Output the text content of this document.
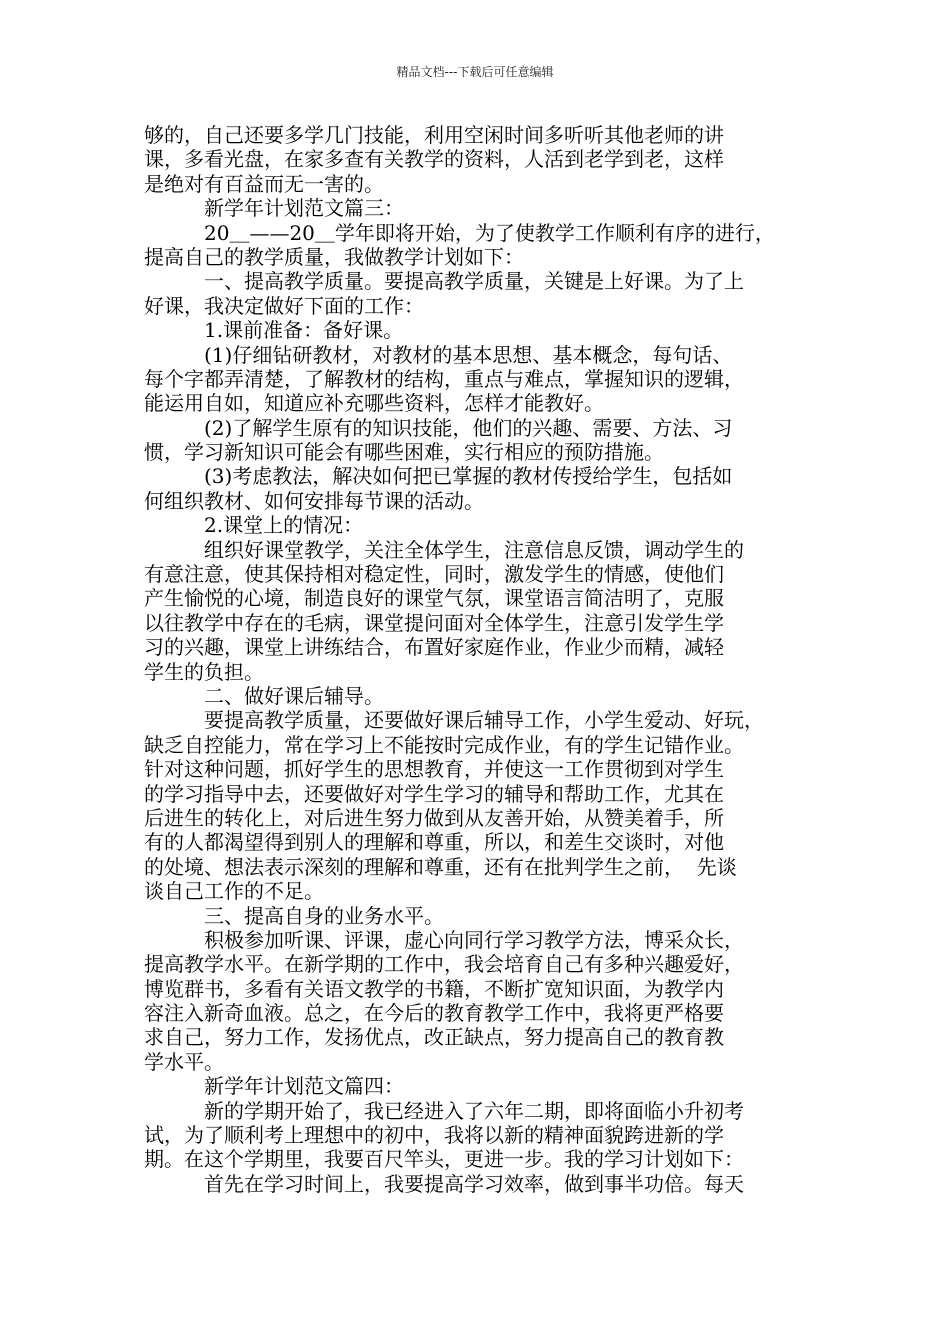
精品文档---下载后可任意编辑
够的，自己还要多学几门技能，利用空闲时间多听听其他老师的讲
课，多看光盘，在家多查有关教学的资料，人活到老学到老，这样
是绝对有百益而无一害的。
新学年计划范文篇三：
20＿——20＿学年即将开始，为了使教学工作顺利有序的进行，
提高自己的教学质量，我做教学计划如下：
一、提高教学质量。要提高教学质量，关键是上好课。为了上
好课，我决定做好下面的工作：
1.课前准备：备好课。
(1)仔细钻研教材，对教材的基本思想、基本概念，每句话、
每个字都弄清楚，了解教材的结构，重点与难点，掌握知识的逻辑，
能运用自如，知道应补充哪些资料，怎样才能教好。
(2)了解学生原有的知识技能，他们的兴趣、需要、方法、习
惯，学习新知识可能会有哪些困难，实行相应的预防措施。
(3)考虑教法，解决如何把已掌握的教材传授给学生，包括如
何组织教材、如何安排每节课的活动。
2.课堂上的情况：
组织好课堂教学，关注全体学生，注意信息反馈，调动学生的
有意注意，使其保持相对稳定性，同时，激发学生的情感，使他们
产生愉悦的心境，制造良好的课堂气氛，课堂语言简洁明了，克服
以往教学中存在的毛病，课堂提问面对全体学生，注意引发学生学
习的兴趣，课堂上讲练结合，布置好家庭作业，作业少而精，减轻
学生的负担。
二、做好课后辅导。
要提高教学质量，还要做好课后辅导工作，小学生爱动、好玩，
缺乏自控能力，常在学习上不能按时完成作业，有的学生记错作业。
针对这种问题，抓好学生的思想教育，并使这一工作贯彻到对学生
的学习指导中去，还要做好对学生学习的辅导和帮助工作，尤其在
后进生的转化上，对后进生努力做到从友善开始，从赞美着手，所
有的人都渴望得到别人的理解和尊重，所以，和差生交谈时，对他
的处境、想法表示深刻的理解和尊重，还有在批判学生之前，  先谈
谈自己工作的不足。
三、提高自身的业务水平。
积极参加听课、评课，虚心向同行学习教学方法，博采众长，
提高教学水平。在新学期的工作中，我会培育自己有多种兴趣爱好，
博览群书，多看有关语文教学的书籍，不断扩宽知识面，为教学内
容注入新奇血液。总之，在今后的教育教学工作中，我将更严格要
求自己，努力工作，发扬优点，改正缺点，努力提高自己的教育教
学水平。
新学年计划范文篇四：
新的学期开始了，我已经进入了六年二期，即将面临小升初考
试，为了顺利考上理想中的初中，我将以新的精神面貌跨进新的学
期。在这个学期里，我要百尺竿头，更进一步。我的学习计划如下：
首先在学习时间上，我要提高学习效率，做到事半功倍。每天
